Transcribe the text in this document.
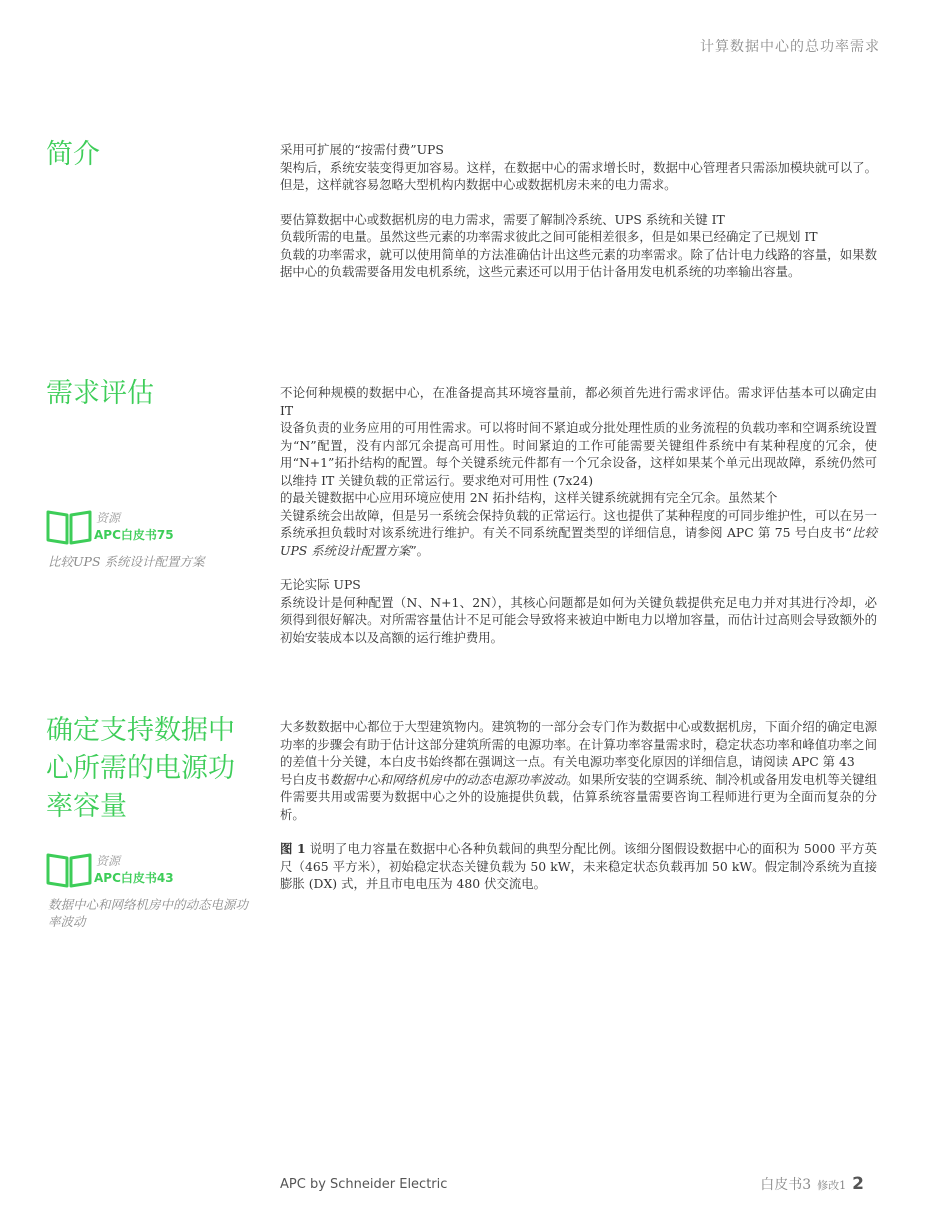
计算数据中心的总功率需求
简介	采用可扩展的“按需付费”UPS
架构后，系统安装变得更加容易。这样，在数据中心的需求增长时，数据中心管理者只需添加模块就可以了。但是，这样就容易忽略大型机构内数据中心或数据机房未来的电力需求。

要估算数据中心或数据机房的电力需求，需要了解制冷系统、UPS 系统和关键 IT
负载所需的电量。虽然这些元素的功率需求彼此之间可能相差很多，但是如果已经确定了已规划 IT
负载的功率需求，就可以使用简单的方法准确估计出这些元素的功率需求。除了估计电力线路的容量，如果数据中心的负载需要备用发电机系统，这些元素还可以用于估计备用发电机系统的功率输出容量。

需求评估
资源
APC白皮书75
比较UPS 系统设计配置方案

不论何种规模的数据中心，在准备提高其环境容量前，都必须首先进行需求评估。需求评估基本可以确定由 IT
设备负责的业务应用的可用性需求。可以将时间不紧迫或分批处理性质的业务流程的负载功率和空调系统设置为“N”配置，没有内部冗余提高可用性。时间紧迫的工作可能需要关键组件系统中有某种程度的冗余，使用“N+1”拓扑结构的配置。每个关键系统元件都有一个冗余设备，这样如果某个单元出现故障，系统仍然可以维持 IT 关键负载的正常运行。要求绝对可用性 (7x24)
的最关键数据中心应用环境应使用 2N 拓扑结构，这样关键系统就拥有完全冗余。虽然某个
关键系统会出故障，但是另一系统会保持负载的正常运行。这也提供了某种程度的可同步维护性，可以在另一系统承担负载时对该系统进行维护。有关不同系统配置类型的详细信息，请参阅 APC 第 75 号白皮书“比较 UPS 系统设计配置方案”。

无论实际 UPS
系统设计是何种配置（N、N+1、2N），其核心问题都是如何为关键负载提供充足电力并对其进行冷却，必须得到很好解决。对所需容量估计不足可能会导致将来被迫中断电力以增加容量，而估计过高则会导致额外的初始安装成本以及高额的运行维护费用。

确定支持数据中心所需的电源功率容量
资源
APC白皮书43
数据中心和网络机房中的动态电源功率波动

大多数数据中心都位于大型建筑物内。建筑物的一部分会专门作为数据中心或数据机房，下面介绍的确定电源功率的步骤会有助于估计这部分建筑所需的电源功率。在计算功率容量需求时，稳定状态功率和峰值功率之间的差值十分关键，本白皮书始终都在强调这一点。有关电源功率变化原因的详细信息，请阅读 APC 第 43
号白皮书数据中心和网络机房中的动态电源功率波动。如果所安装的空调系统、制冷机或备用发电机等关键组件需要共用或需要为数据中心之外的设施提供负载，估算系统容量需要咨询工程师进行更为全面而复杂的分析。

图 1 说明了电力容量在数据中心各种负载间的典型分配比例。该细分图假设数据中心的面积为 5000 平方英尺（465 平方米），初始稳定状态关键负载为 50 kW，未来稳定状态负载再加 50 kW。假定制冷系统为直接膨胀 (DX) 式，并且市电电压为 480 伏交流电。

APC by Schneider Electric	白皮书3 修改1 2
